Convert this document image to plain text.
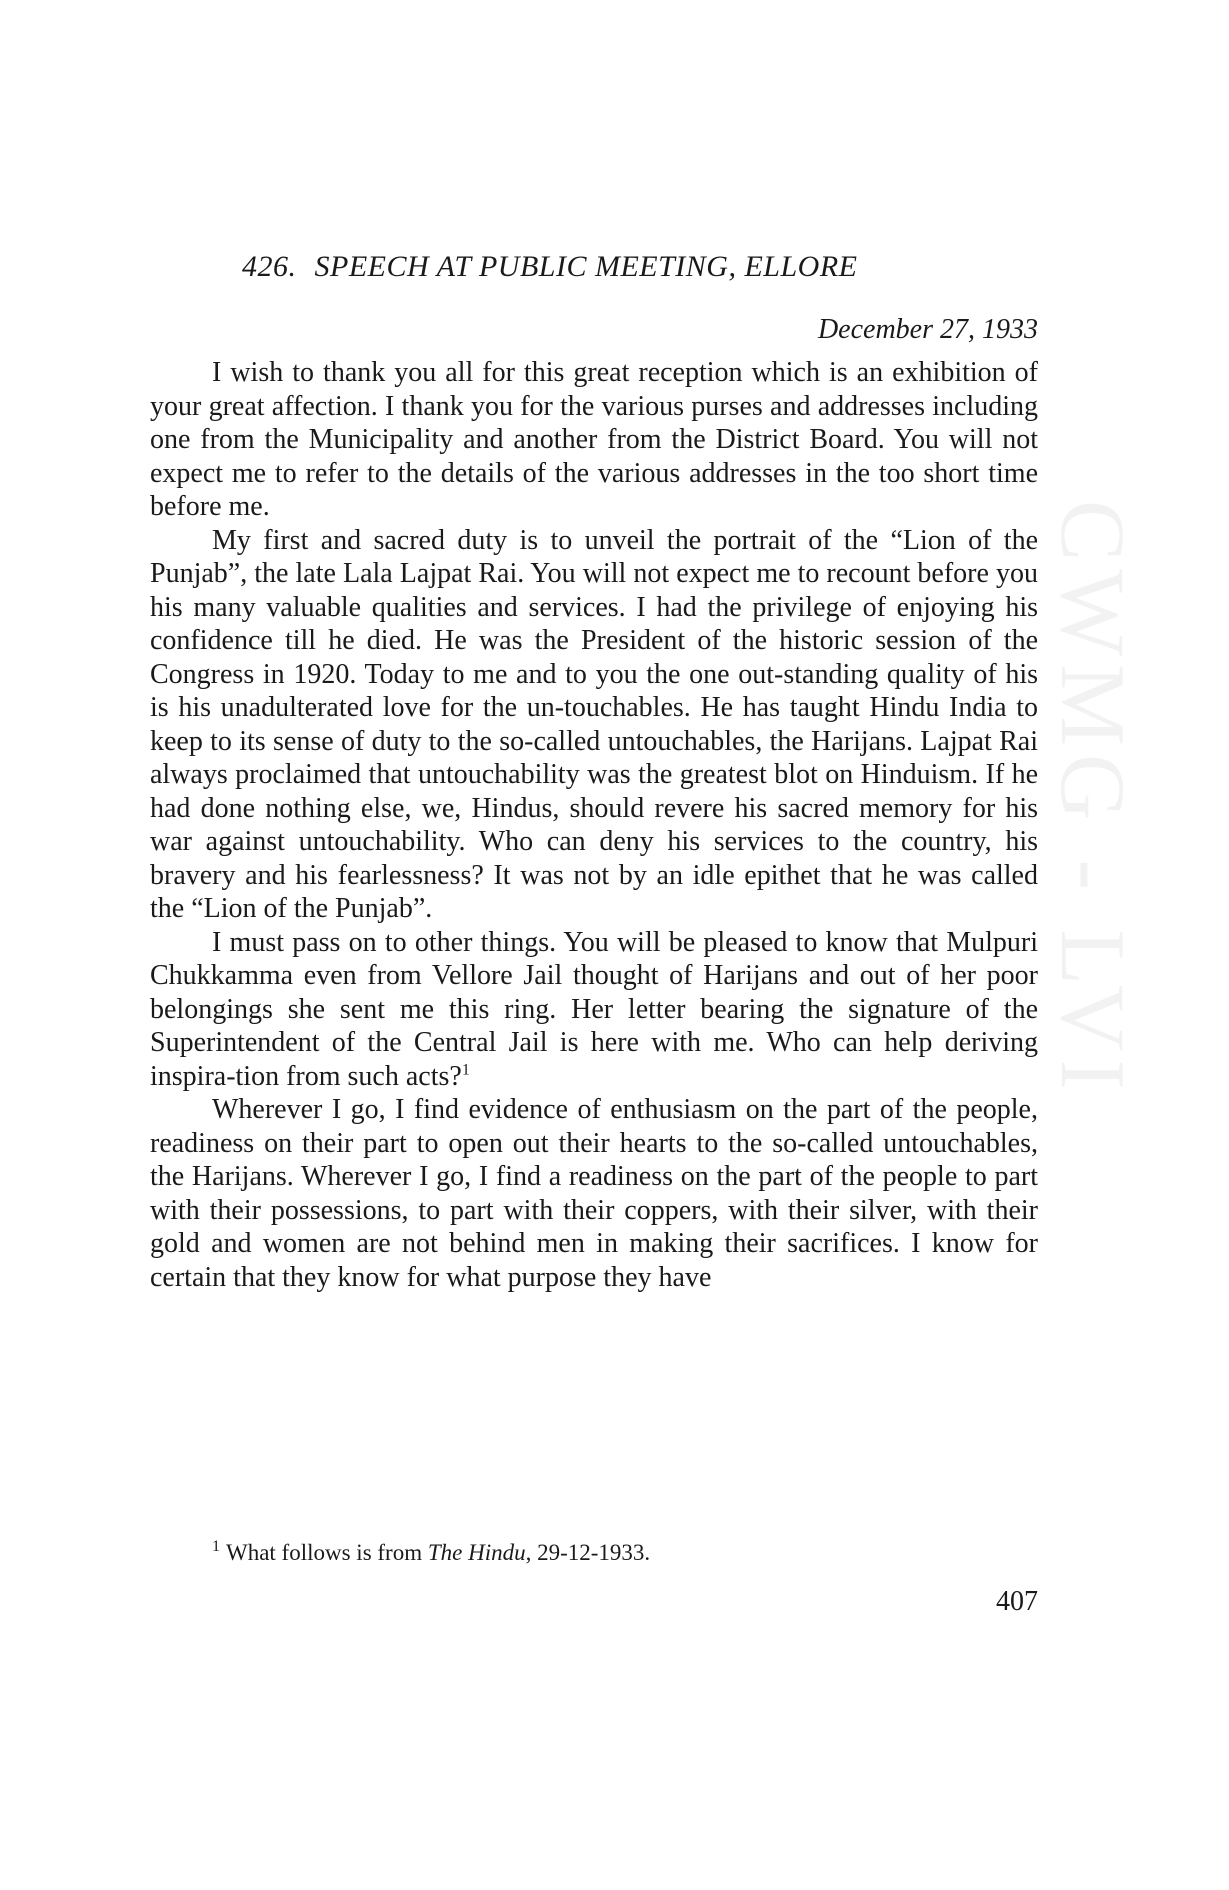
426. SPEECH AT PUBLIC MEETING, ELLORE
December 27, 1933

I wish to thank you all for this great reception which is an exhibition of your great affection. I thank you for the various purses and addresses including one from the Municipality and another from the District Board. You will not expect me to refer to the details of the various addresses in the too short time before me.

My first and sacred duty is to unveil the portrait of the “Lion of the Punjab”, the late Lala Lajpat Rai. You will not expect me to recount before you his many valuable qualities and services. I had the privilege of enjoying his confidence till he died. He was the President of the historic session of the Congress in 1920. Today to me and to you the one out-standing quality of his is his unadulterated love for the un-touchables. He has taught Hindu India to keep to its sense of duty to the so-called untouchables, the Harijans. Lajpat Rai always proclaimed that untouchability was the greatest blot on Hinduism. If he had done nothing else, we, Hindus, should revere his sacred memory for his war against untouchability. Who can deny his services to the country, his bravery and his fearlessness? It was not by an idle epithet that he was called the “Lion of the Punjab”.

I must pass on to other things. You will be pleased to know that Mulpuri Chukkamma even from Vellore Jail thought of Harijans and out of her poor belongings she sent me this ring. Her letter bearing the signature of the Superintendent of the Central Jail is here with me. Who can help deriving inspira-tion from such acts?$^1$

Wherever I go, I find evidence of enthusiasm on the part of the people, readiness on their part to open out their hearts to the so-called untouchables, the Harijans. Wherever I go, I find a readiness on the part of the people to part with their possessions, to part with their coppers, with their silver, with their gold and women are not behind men in making their sacrifices. I know for certain that they know for what purpose they have

$^1$ What follows is from The Hindu, 29-12-1933.
407
CWMG - LVI
